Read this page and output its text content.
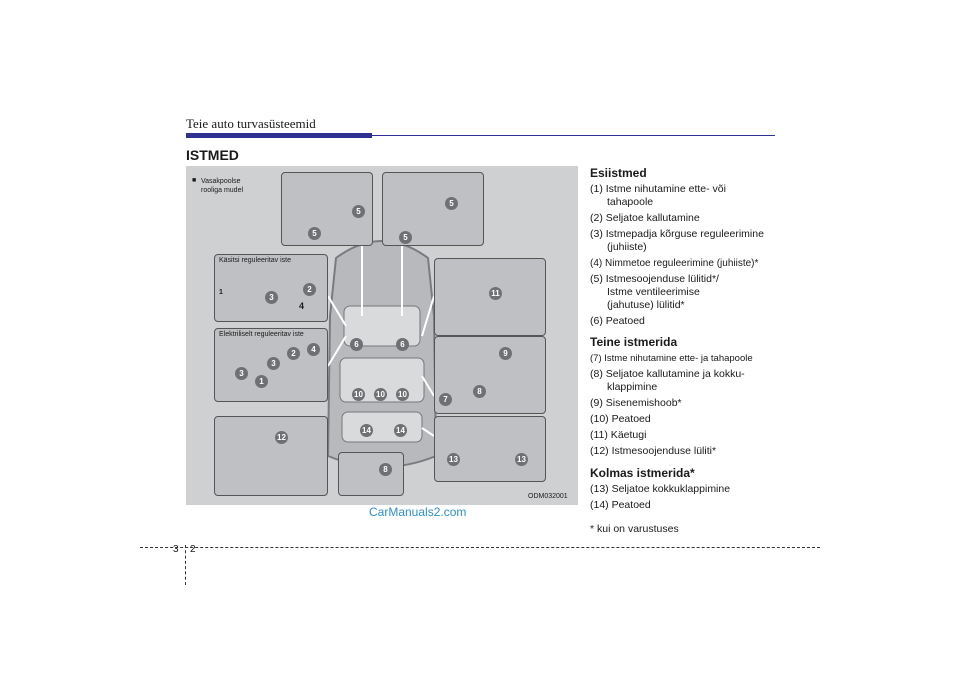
Teie auto turvasüsteemid
ISTMED
■ Vasakpoolse
rooliga mudel
5
5
5
5
Käsitsi reguleeritav iste
1
3
2
4
Elektriliselt reguleeritav iste
2	4
3
3
1
12
11
9
8
7
13	13
8
6	6
10 10 10
14	14
ODM032001
Esiistmed
(1) Istme nihutamine ette- või
tahapoole
(2) Seljatoe kallutamine
(3) Istmepadja kõrguse reguleerimine
(juhiiste)
(4) Nimmetoe reguleerimine (juhiiste)*
(5) Istmesoojenduse lülitid*/
Istme ventileerimise
(jahutuse) lülitid*
(6) Peatoed
Teine istmerida
(7) Istme nihutamine ette- ja tahapoole
(8) Seljatoe kallutamine ja kokku-
klappimine
(9) Sisenemishoob*
(10) Peatoed
(11) Käetugi
(12) Istmesoojenduse lüliti*
Kolmas istmerida*
(13) Seljatoe kokkuklappimine
(14) Peatoed
* kui on varustuses
CarManuals2.com
3 2
